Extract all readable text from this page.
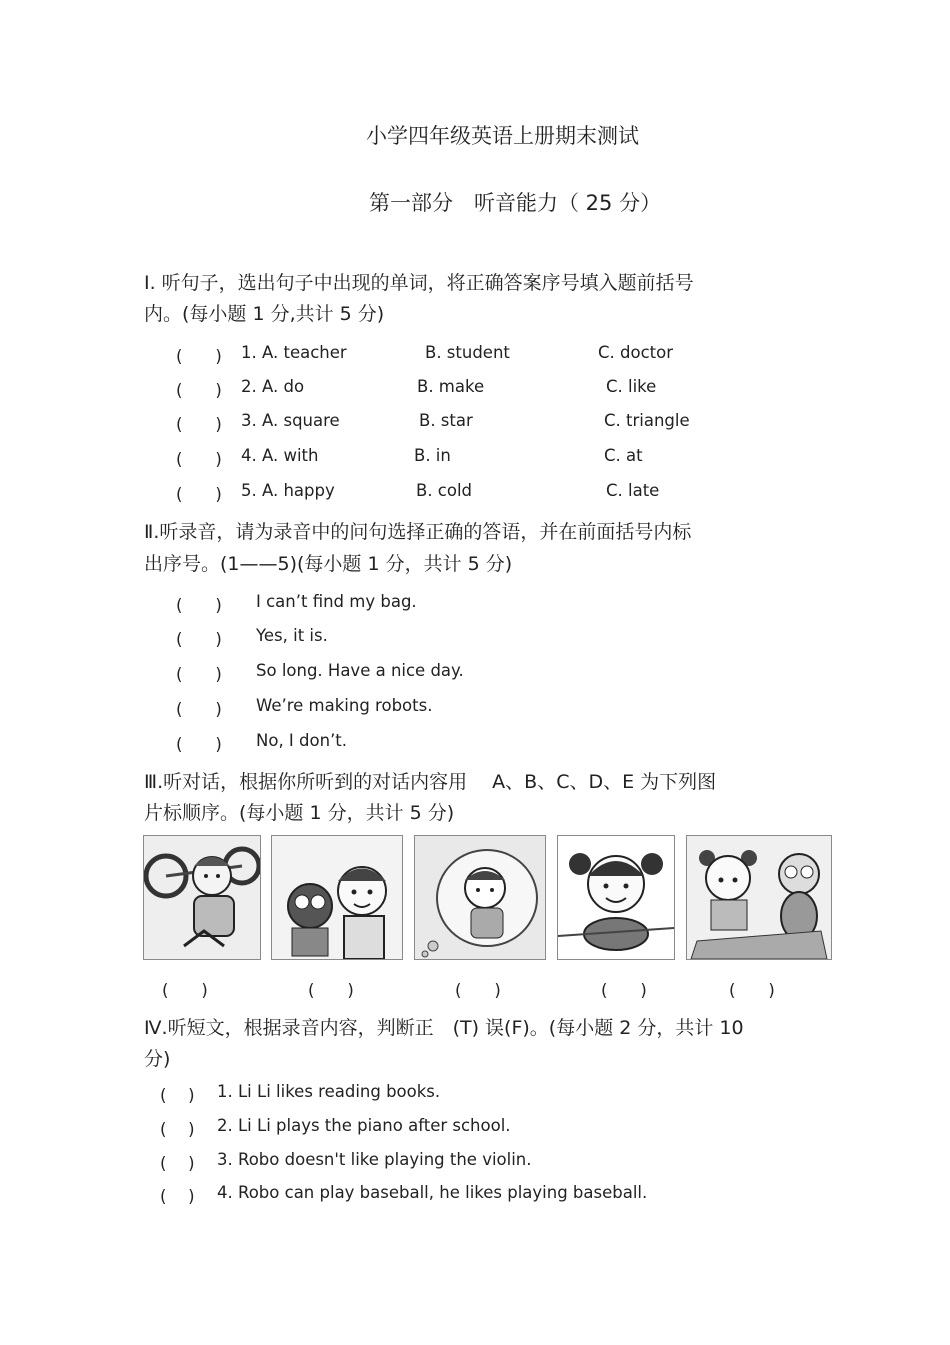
小学四年级英语上册期末测试
第一部分　听音能力（ 25 分）
Ⅰ. 听句子，选出句子中出现的单词，将正确答案序号填入题前括号
内。(每小题 1 分,共计 5 分)
(　　) 1. A. teacher	B. student	C. doctor
(　　) 2. A. do	B. make	C. like
(　　) 3. A. square	B. star	C. triangle
(　　) 4. A. with	B. in	C. at
(　　) 5. A. happy	B. cold	C. late
Ⅱ.听录音，请为录音中的问句选择正确的答语，并在前面括号内标
出序号。(1——5)(每小题 1 分，共计 5 分)
(　　) I can’t find my bag.
(　　) Yes, it is.
(　　) So long. Have a nice day.
(　　) We’re making robots.
(　　) No, I don’t.
Ⅲ.听对话，根据你所听到的对话内容用　 A、B、C、D、E 为下列图
片标顺序。(每小题 1 分，共计 5 分)
(　　)	(　　)	(　　)	(　　)	(　　)
Ⅳ.听短文，根据录音内容，判断正　(T) 误(F)。(每小题 2 分，共计 10
分)
(　 ) 1. Li Li likes reading books.
(　 ) 2. Li Li plays the piano after school.
(　 ) 3. Robo doesn't like playing the violin.
(　 ) 4. Robo can play baseball, he likes playing baseball.
